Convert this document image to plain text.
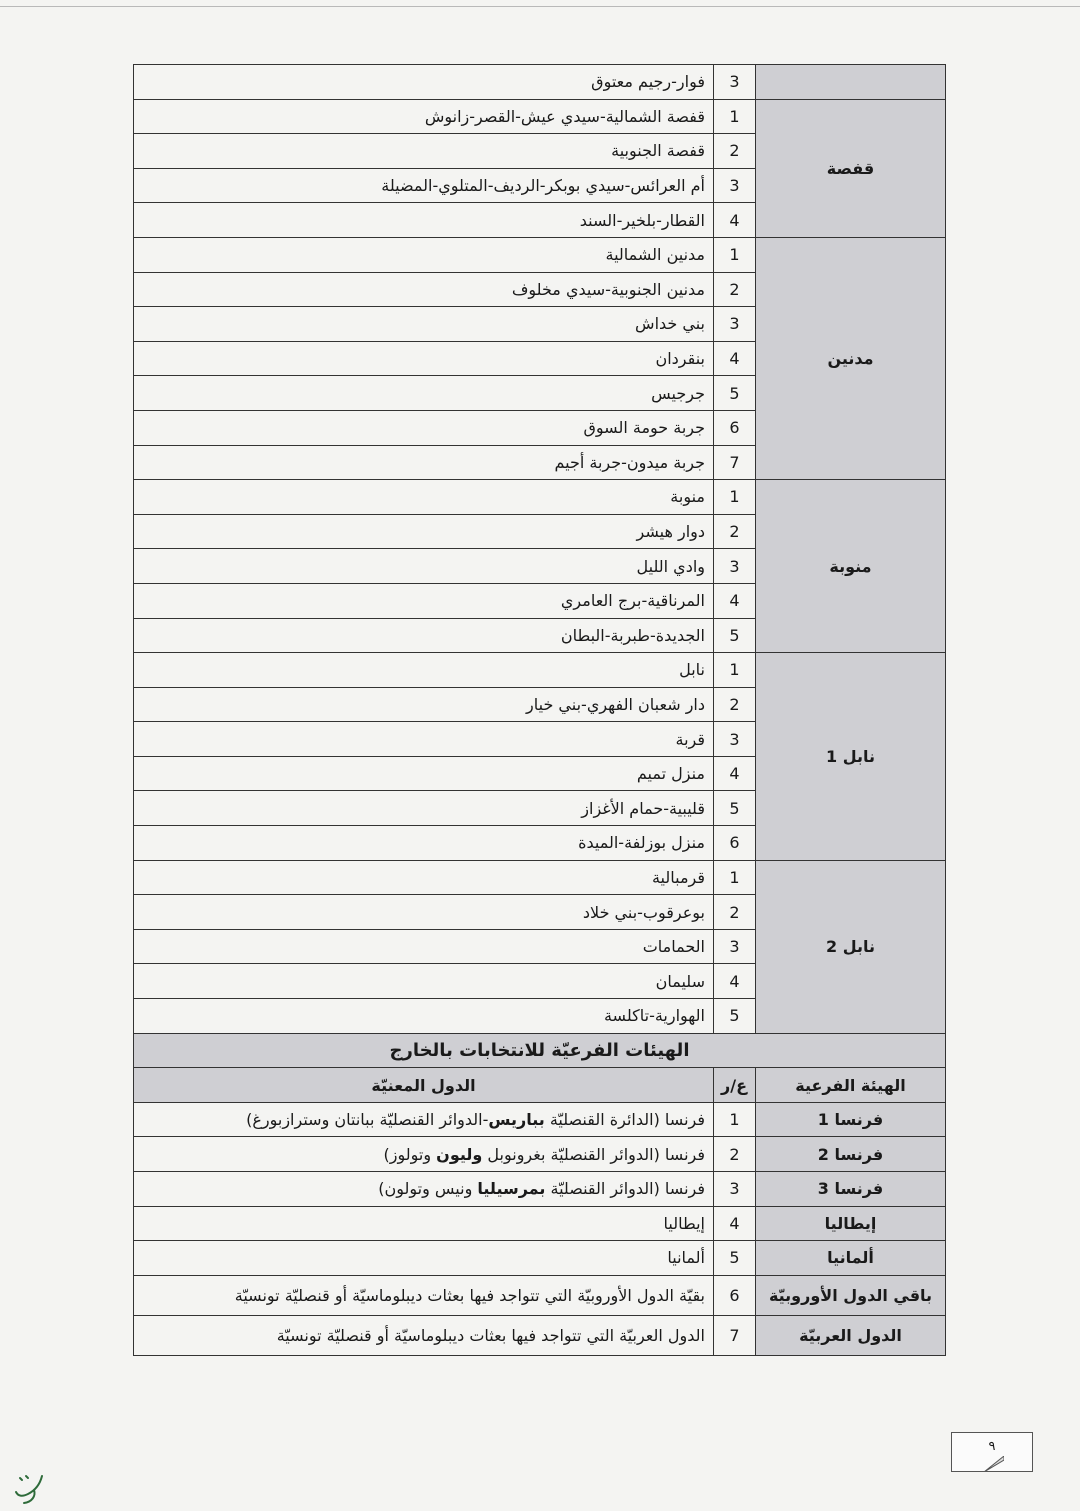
	3	فوار-رجيم معتوق
قفصة	1	قفصة الشمالية-سيدي عيش-القصر-زانوش
	2	قفصة الجنوبية
	3	أم العرائس-سيدي بوبكر-الرديف-المتلوي-المضيلة
	4	القطار-بلخير-السند
مدنين	1	مدنين الشمالية
	2	مدنين الجنوبية-سيدي مخلوف
	3	بني خداش
	4	بنقردان
	5	جرجيس
	6	جربة حومة السوق
	7	جربة ميدون-جربة أجيم
منوبة	1	منوبة
	2	دوار هيشر
	3	وادي الليل
	4	المرناقية-برج العامري
	5	الجديدة-طبربة-البطان
نابل 1	1	نابل
	2	دار شعبان الفهري-بني خيار
	3	قربة
	4	منزل تميم
	5	قليبية-حمام الأغزاز
	6	منزل بوزلفة-الميدة
نابل 2	1	قرمبالية
	2	بوعرقوب-بني خلاد
	3	الحمامات
	4	سليمان
	5	الهوارية-تاكلسة
الهيئات الفرعيّة للانتخابات بالخارج		
الهيئة الفرعية	ع/ر	الدول المعنيّة
فرنسا 1	1	فرنسا (الدائرة القنصليّة بباريس-الدوائر القنصليّة ببانتان وسترازبورغ)
فرنسا 2	2	فرنسا (الدوائر القنصليّة بغرونوبل وليون وتولوز)
فرنسا 3	3	فرنسا (الدوائر القنصليّة بمرسيليا ونيس وتولون)
إيطاليا	4	إيطاليا
ألمانيا	5	ألمانيا
باقي الدول الأوروبيّة	6	بقيّة الدول الأوروبيّة التي تتواجد فيها بعثات ديبلوماسيّة أو قنصليّة تونسيّة
الدول العربيّة	7	الدول العربيّة التي تتواجد فيها بعثات ديبلوماسيّة أو قنصليّة تونسيّة
٩
